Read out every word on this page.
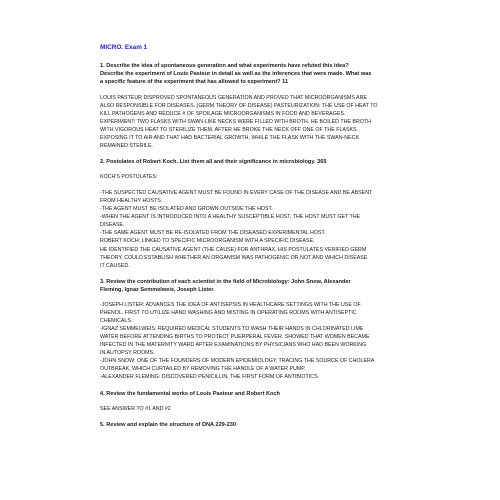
MICRO. Exam 1
1. Describe the idea of spontaneous generation and what experiments have refuted this idea?
Describe the experiment of Louis Pasteur in detail as well as the inferences that were made. What was
a specific feature of the experiment that has allowed to experiment? 11
LOUIS PASTEUR DISPROVED SPONTANEOUS GENERATION AND PROVED THAT MICROORGANISMS ARE
ALSO RESPONSIBLE FOR DISEASES. (GERM THEORY OF DISEASE) PASTEURIZATION: THE USE OF HEAT TO
KILL PATHOGENS AND REDUCE # OF SPOILAGE MICROORGANISMS IN FOOD AND BEVERAGES.
EXPERIMENT: TWO FLASKS WITH SWAN-LIKE NECKS WERE FILLED WITH BROTH. HE BOILED THE BROTH
WITH VIGOROUS HEAT TO STERILIZE THEM. AFTER HE BROKE THE NECK OFF ONE OF THE FLASKS
EXPOSING IT TO AIR AND THAT HAD BACTERIAL GROWTH, WHILE THE FLASK WITH THE SWAN-NECK
REMAINED STERILE.
2. Postulates of Robert Koch. List them all and their significance in microbiology. 369
KOCH'S POSTULATES:
-THE SUSPECTED CAUSATIVE AGENT MUST BE FOUND IN EVERY CASE OF THE DISEASE AND BE ABSENT
FROM HEALTHY HOSTS.
-THE AGENT MUST BE ISOLATED AND GROWN OUTSIDE THE HOST.
-WHEN THE AGENT IS INTRODUCED INTO A HEALTHY SUSCEPTIBLE HOST, THE HOST MUST GET THE
DISEASE.
-THE SAME AGENT MUST BE RE-ISOLATED FROM THE DISEASED EXPERIMENTAL HOST.
ROBERT KOCH: LINKED TO SPECIFIC MICROORGANISM WITH A SPECIFIC DISEASE.
HE IDENTIFIED THE CAUSATIVE AGENT (THE CAUSE) FOR ANTHRAX. HIS POSTULATES VERIFIED GERM
THEORY, COULD ESTABLISH WHETHER AN ORGANISM WAS PATHOGENIC OR NOT AND WHICH DISEASE
IT CAUSED.
3. Review the contribution of each scientist in the field of Microbiology: John Snow, Alexander
Fleming, Ignaz Semmelweis, Joseph Lister.
-JOSEPH LISTER: ADVANCES THE IDEA OF ANTISEPSIS IN HEALTHCARE SETTINGS WITH THE USE OF
PHENOL. FIRST TO UTILIZE HAND WASHING AND MISTING IN OPERATING ROOMS WITH ANTISEPTIC
CHEMICALS.
-IGNAZ SEMMELWEIS: REQUIRED MEDICAL STUDENTS TO WASH THEIR HANDS IN CHLORINATED LIME
WATER BEFORE ATTENDING BIRTHS TO PROTECT PUERPERAL FEVER. SHOWED THAT WOMEN BECAME
INFECTED IN THE MATERNITY WARD AFTER EXAMINATIONS BY PHYSICIANS WHO HAD BEEN WORKING
IN AUTOPSY ROOMS.
-JOHN SNOW: ONE OF THE FOUNDERS OF MODERN EPIDEMIOLOGY, TRACING THE SOURCE OF CHOLERA
OUTBREAK, WHICH CURTAILED BY REMOVING THE HANDLE OF A WATER PUMP.
-ALEXANDER FLEMING: DISCOVERED PENICILLIN, THE FIRST FORM OF ANTIBIOTICS.
4. Review the fundamental works of Louis Pasteur and Robert Koch
SEE ANSWER TO #1 AND #2
5. Review and explain the structure of DNA 229-230
